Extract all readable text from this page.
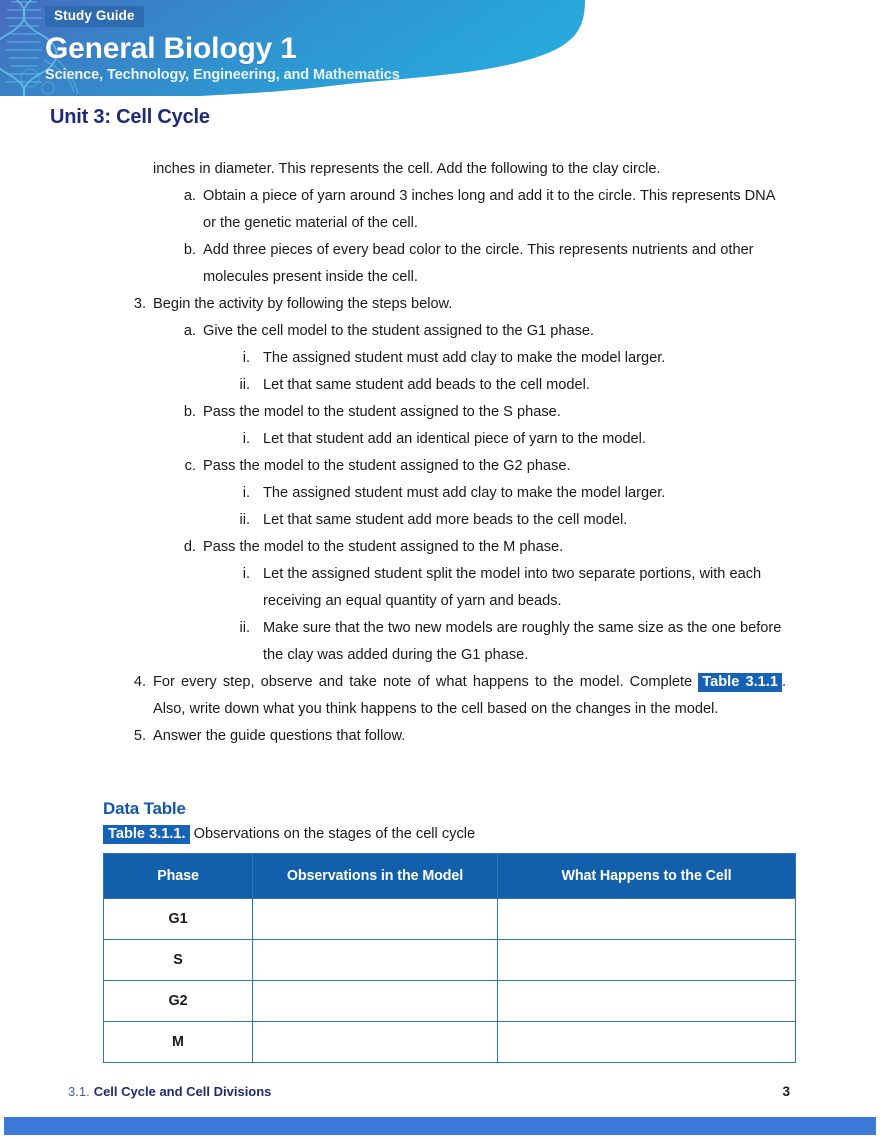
Study Guide
General Biology 1
Science, Technology, Engineering, and Mathematics
Unit 3: Cell Cycle
inches in diameter. This represents the cell. Add the following to the clay circle.
a. Obtain a piece of yarn around 3 inches long and add it to the circle. This represents DNA or the genetic material of the cell.
b. Add three pieces of every bead color to the circle. This represents nutrients and other molecules present inside the cell.
3. Begin the activity by following the steps below.
a. Give the cell model to the student assigned to the G1 phase.
i. The assigned student must add clay to make the model larger.
ii. Let that same student add beads to the cell model.
b. Pass the model to the student assigned to the S phase.
i. Let that student add an identical piece of yarn to the model.
c. Pass the model to the student assigned to the G2 phase.
i. The assigned student must add clay to make the model larger.
ii. Let that same student add more beads to the cell model.
d. Pass the model to the student assigned to the M phase.
i. Let the assigned student split the model into two separate portions, with each receiving an equal quantity of yarn and beads.
ii. Make sure that the two new models are roughly the same size as the one before the clay was added during the G1 phase.
4. For every step, observe and take note of what happens to the model. Complete Table 3.1.1 . Also, write down what you think happens to the cell based on the changes in the model.
5. Answer the guide questions that follow.
Data Table
Table 3.1.1. Observations on the stages of the cell cycle
Phase	Observations in the Model	What Happens to the Cell
G1		
S		
G2		
M		
3.1. Cell Cycle and Cell Divisions	3
